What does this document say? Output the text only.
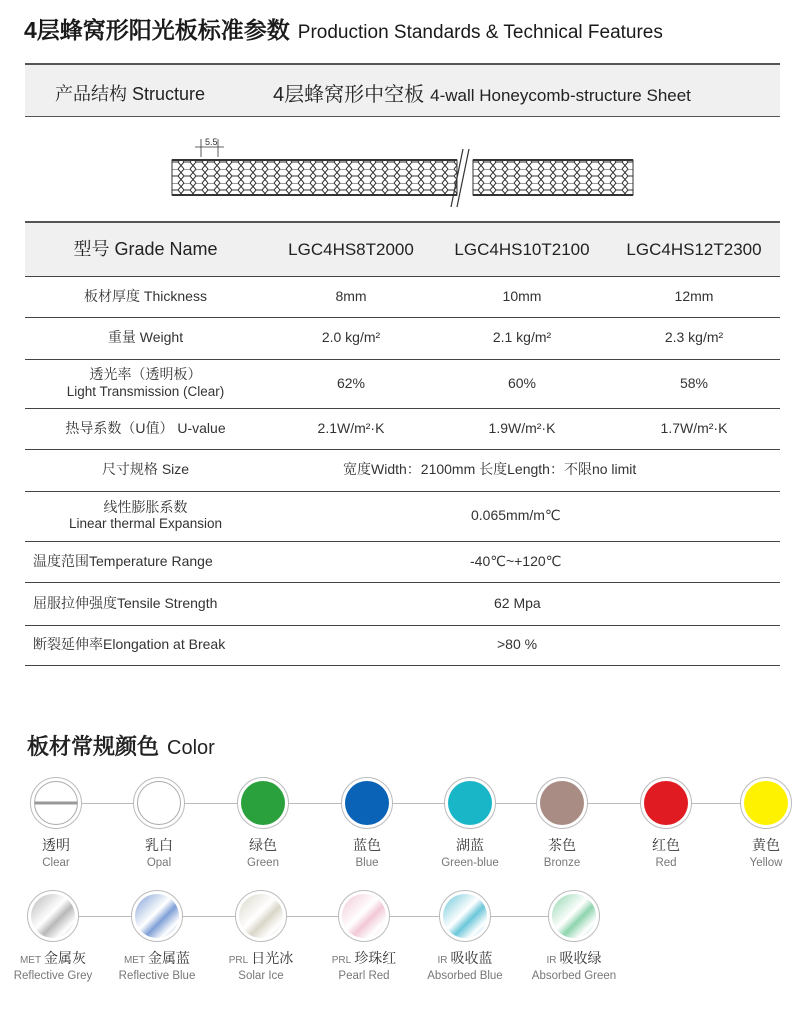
4层蜂窝形阳光板标准参数 Production Standards & Technical Features
产品结构 Structure	4层蜂窝形中空板 4-wall Honeycomb-structure Sheet
5.5
型号 Grade Name	LGC4HS8T2000	LGC4HS10T2100	LGC4HS12T2300
板材厚度 Thickness	8mm	10mm	12mm
重量 Weight	2.0 kg/m²	2.1 kg/m²	2.3 kg/m²

透光率（透明板）
Light Transmission (Clear)	62%	60%	58%
热导系数（U值） U-value	2.1W/m²·K	1.9W/m²·K	1.7W/m²·K
尺寸规格 Size	宽度Width：2100mm 长度Length：不限no limit		

线性膨胀系数
Linear thermal Expansion	0.065mm/m℃		
温度范围Temperature Range	-40℃~+120℃		
屈服拉伸强度Tensile Strength	62 Mpa		
断裂延伸率Elongation at Break	>80 %		
板材常规颜色 Color
透明
Clear
乳白
Opal
绿色
Green
蓝色
Blue
湖蓝
Green-blue
茶色
Bronze
红色
Red
黄色
Yellow
MET 金属灰
Reflective Grey
MET 金属蓝
Reflective Blue
PRL 日光冰
Solar Ice
PRL 珍珠红
Pearl Red
IR 吸收蓝
Absorbed Blue
IR 吸收绿
Absorbed Green
